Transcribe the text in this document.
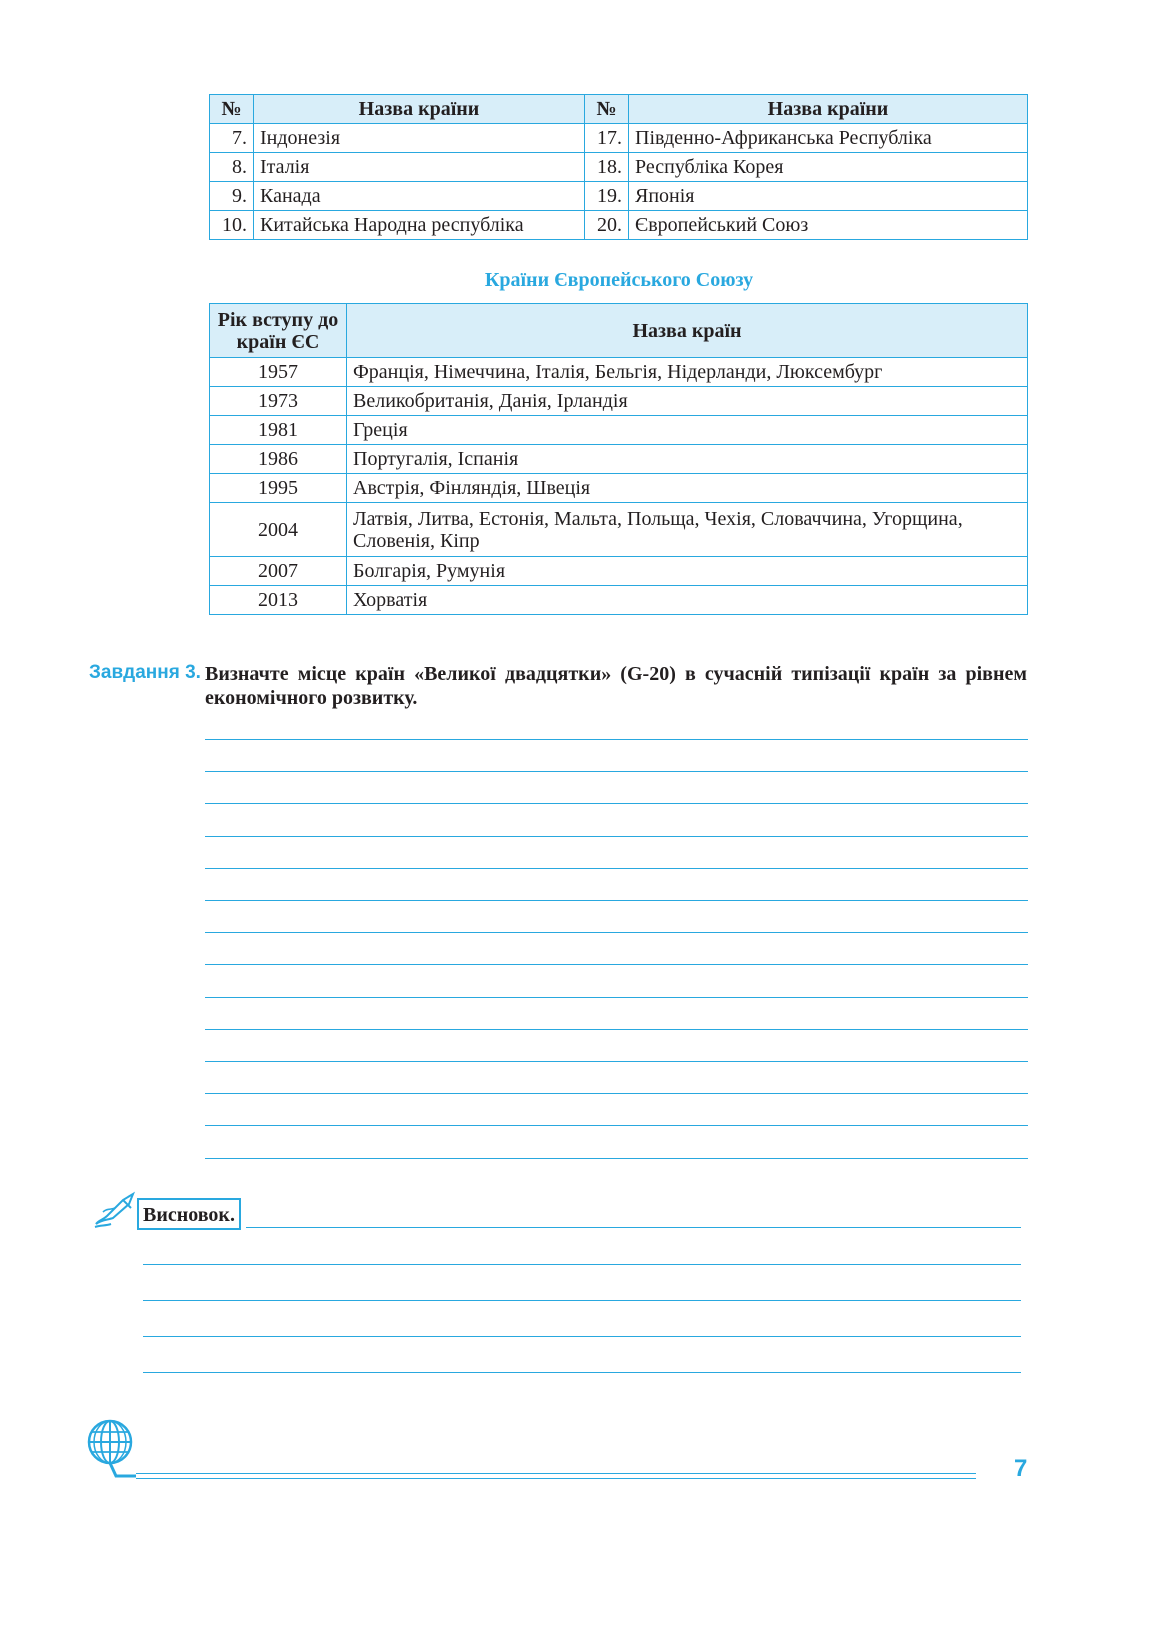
№	Назва країни	№	Назва країни
7.	Індонезія	17.	Південно-Африканська Республіка
8.	Італія	18.	Республіка Корея
9.	Канада	19.	Японія
10.	Китайська Народна республіка	20.	Європейський Союз
Країни Європейського Союзу
Рік вступу до країн ЄС	Назва країн
1957	Франція, Німеччина, Італія, Бельгія, Нідерланди, Люксембург
1973	Великобританія, Данія, Ірландія
1981	Греція
1986	Португалія, Іспанія
1995	Австрія, Фінляндія, Швеція
2004	Латвія, Литва, Естонія, Мальта, Польща, Чехія, Словаччина, Угорщина, Словенія, Кіпр
2007	Болгарія, Румунія
2013	Хорватія
Завдання 3. Визначте місце країн «Великої двадцятки» (G-20) в сучасній типізації країн за рівнем економічного розвитку.
Висновок.
7
